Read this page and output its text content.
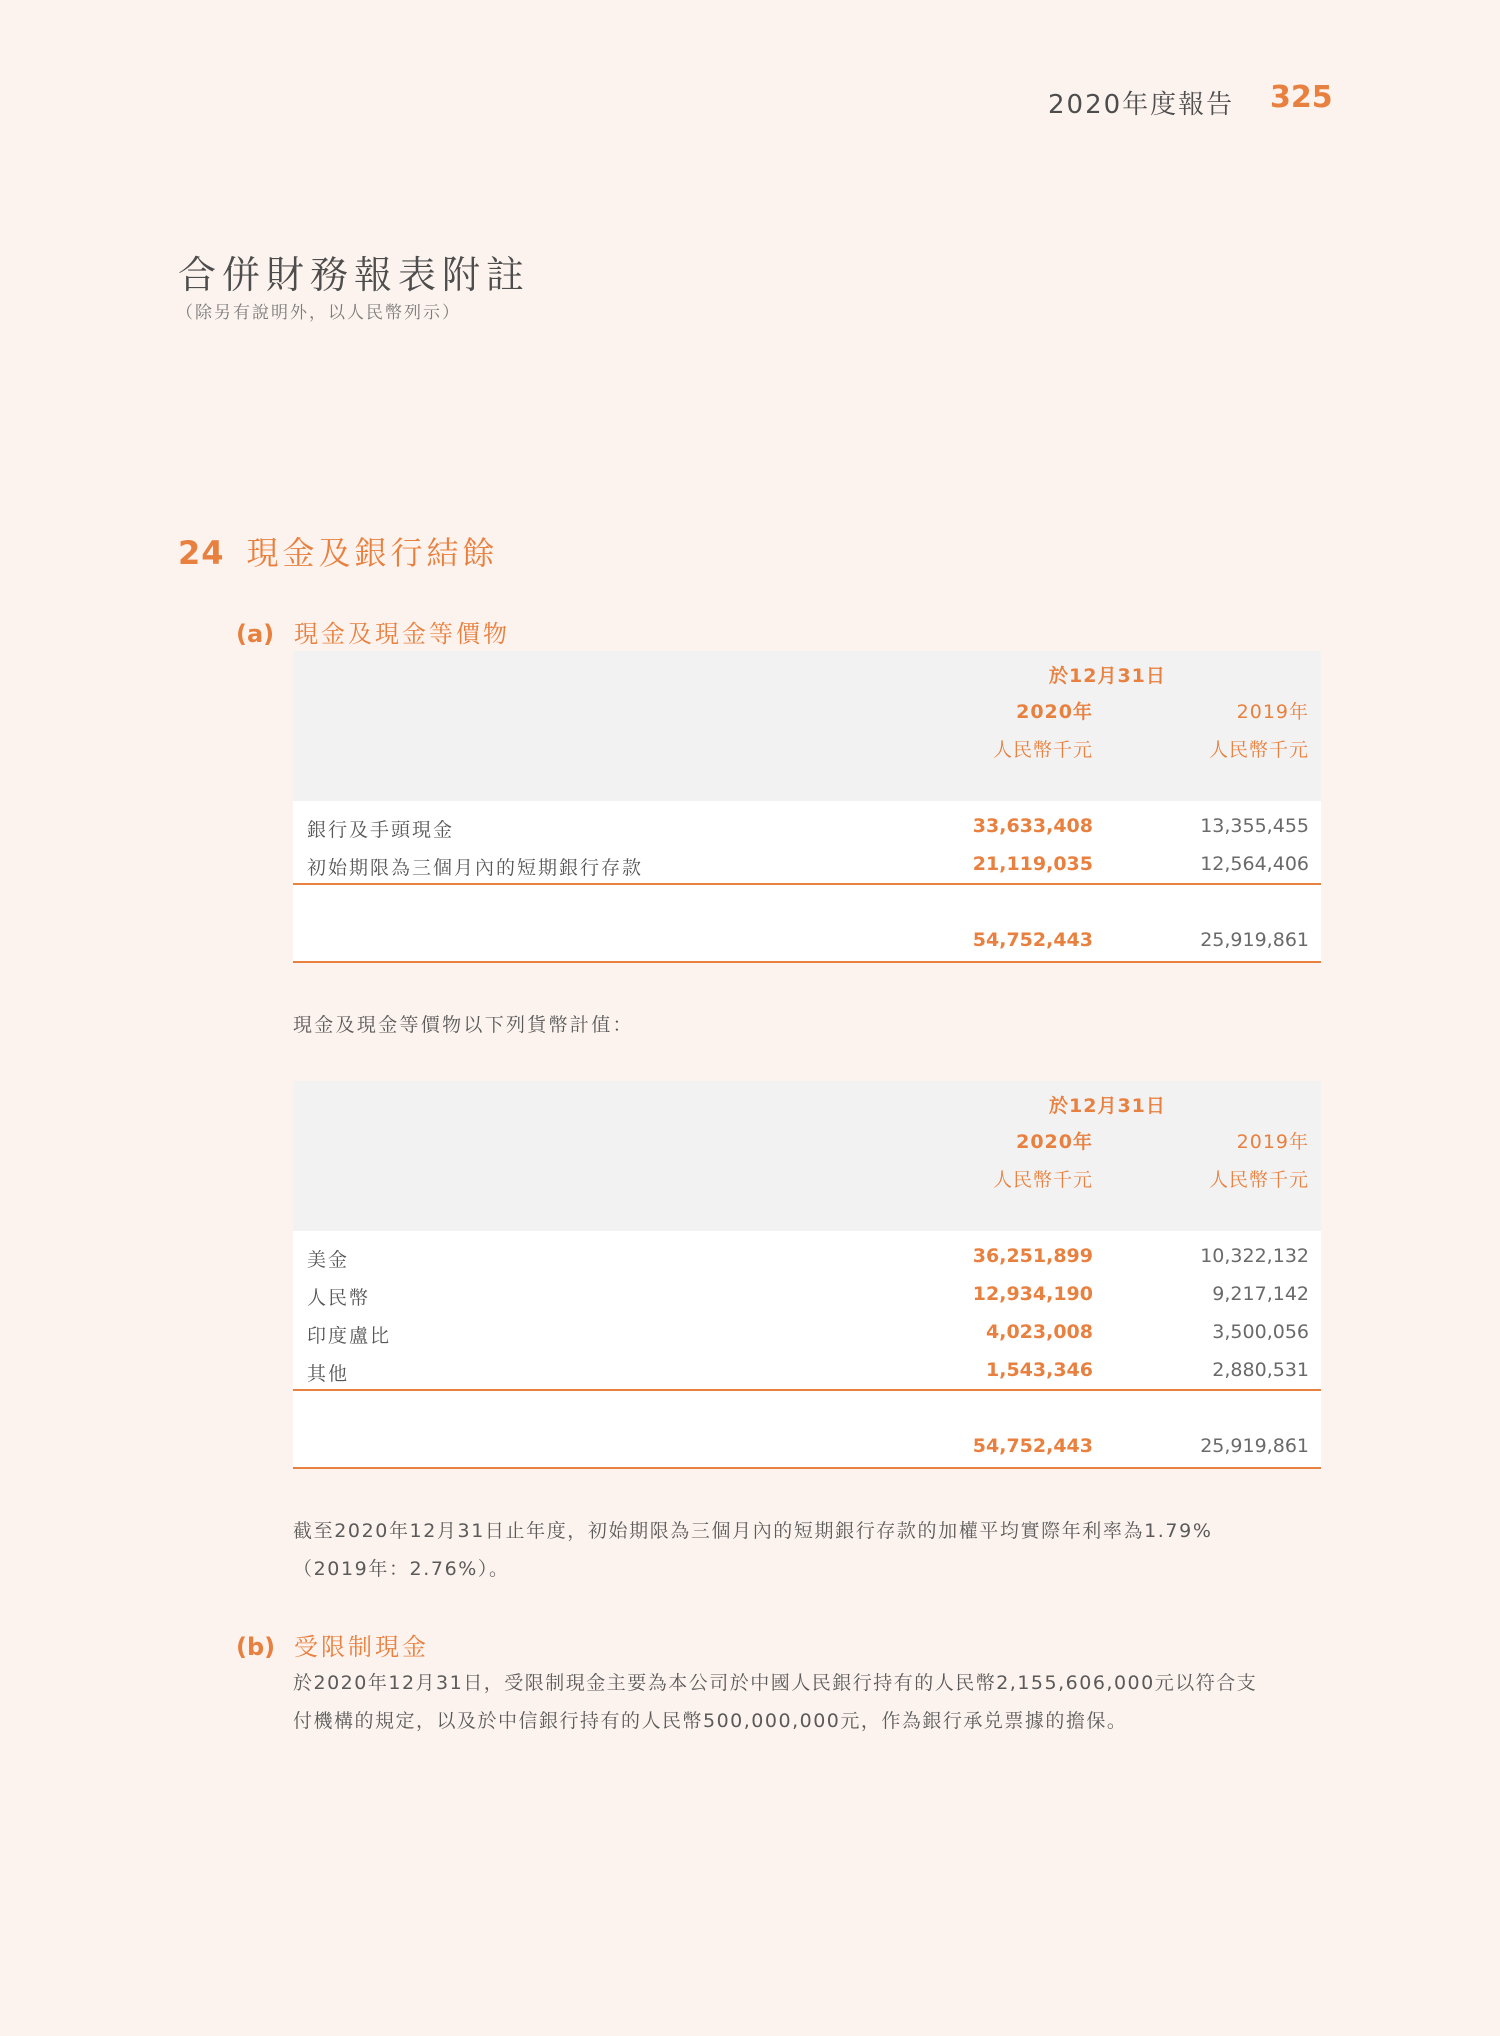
2020年度報告 325
合併財務報表附註
（除另有說明外，以人民幣列示）
24 現金及銀行結餘
(a) 現金及現金等價物
於12月31日
2020年	2019年
人民幣千元	人民幣千元
銀行及手頭現金	33,633,408	13,355,455
初始期限為三個月內的短期銀行存款	21,119,035	12,564,406
54,752,443	25,919,861
現金及現金等價物以下列貨幣計值：
於12月31日
2020年	2019年
人民幣千元	人民幣千元
美金	36,251,899	10,322,132
人民幣	12,934,190	9,217,142
印度盧比	4,023,008	3,500,056
其他	1,543,346	2,880,531
54,752,443	25,919,861
截至2020年12月31日止年度，初始期限為三個月內的短期銀行存款的加權平均實際年利率為1.79%
（2019年：2.76%）。
(b) 受限制現金
於2020年12月31日，受限制現金主要為本公司於中國人民銀行持有的人民幣2,155,606,000元以符合支
付機構的規定，以及於中信銀行持有的人民幣500,000,000元，作為銀行承兑票據的擔保。
